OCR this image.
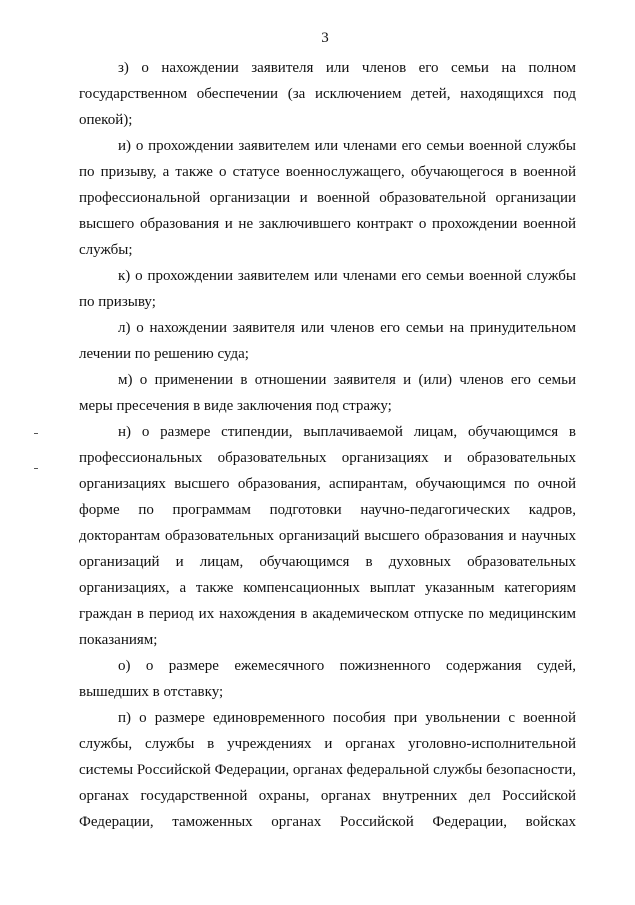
3

з) о нахождении заявителя или членов его семьи на полном государственном обеспечении (за исключением детей, находящихся под опекой);

и) о прохождении заявителем или членами его семьи военной службы по призыву, а также о статусе военнослужащего, обучающегося в военной профессиональной организации и военной образовательной организации высшего образования и не заключившего контракт о прохождении военной службы;

к) о прохождении заявителем или членами его семьи военной службы по призыву;

л) о нахождении заявителя или членов его семьи на принудительном лечении по решению суда;

м) о применении в отношении заявителя и (или) членов его семьи меры пресечения в виде заключения под стражу;

н) о размере стипендии, выплачиваемой лицам, обучающимся в профессиональных образовательных организациях и образовательных организациях высшего образования, аспирантам, обучающимся по очной форме по программам подготовки научно-педагогических кадров, докторантам образовательных организаций высшего образования и научных организаций и лицам, обучающимся в духовных образовательных организациях, а также компенсационных выплат указанным категориям граждан в период их нахождения в академическом отпуске по медицинским показаниям;

о) о размере ежемесячного пожизненного содержания судей, вышедших в отставку;

п) о размере единовременного пособия при увольнении с военной службы, службы в учреждениях и органах уголовно-исполнительной системы Российской Федерации, органах федеральной службы безопасности, органах государственной охраны, органах внутренних дел Российской Федерации, таможенных органах Российской Федерации, войсках
